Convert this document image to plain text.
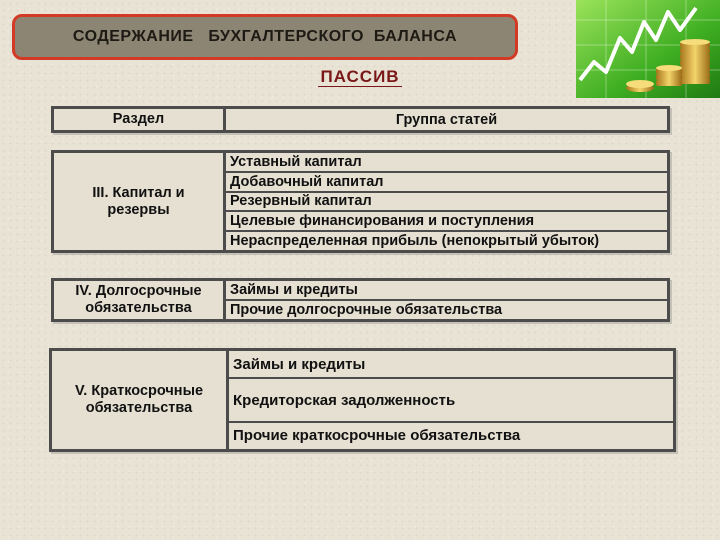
СОДЕРЖАНИЕ   БУХГАЛТЕРСКОГО  БАЛАНСА
ПАССИВ
Раздел	Группа статей
III. Капитал и резервы
Уставный капитал
Добавочный капитал
Резервный капитал
Целевые финансирования и поступления
Нераспределенная прибыль (непокрытый убыток)
IV. Долгосрочные обязательства
Займы и кредиты
Прочие долгосрочные обязательства
V. Краткосрочные обязательства
Займы и кредиты
Кредиторская задолженность
Прочие краткосрочные обязательства
